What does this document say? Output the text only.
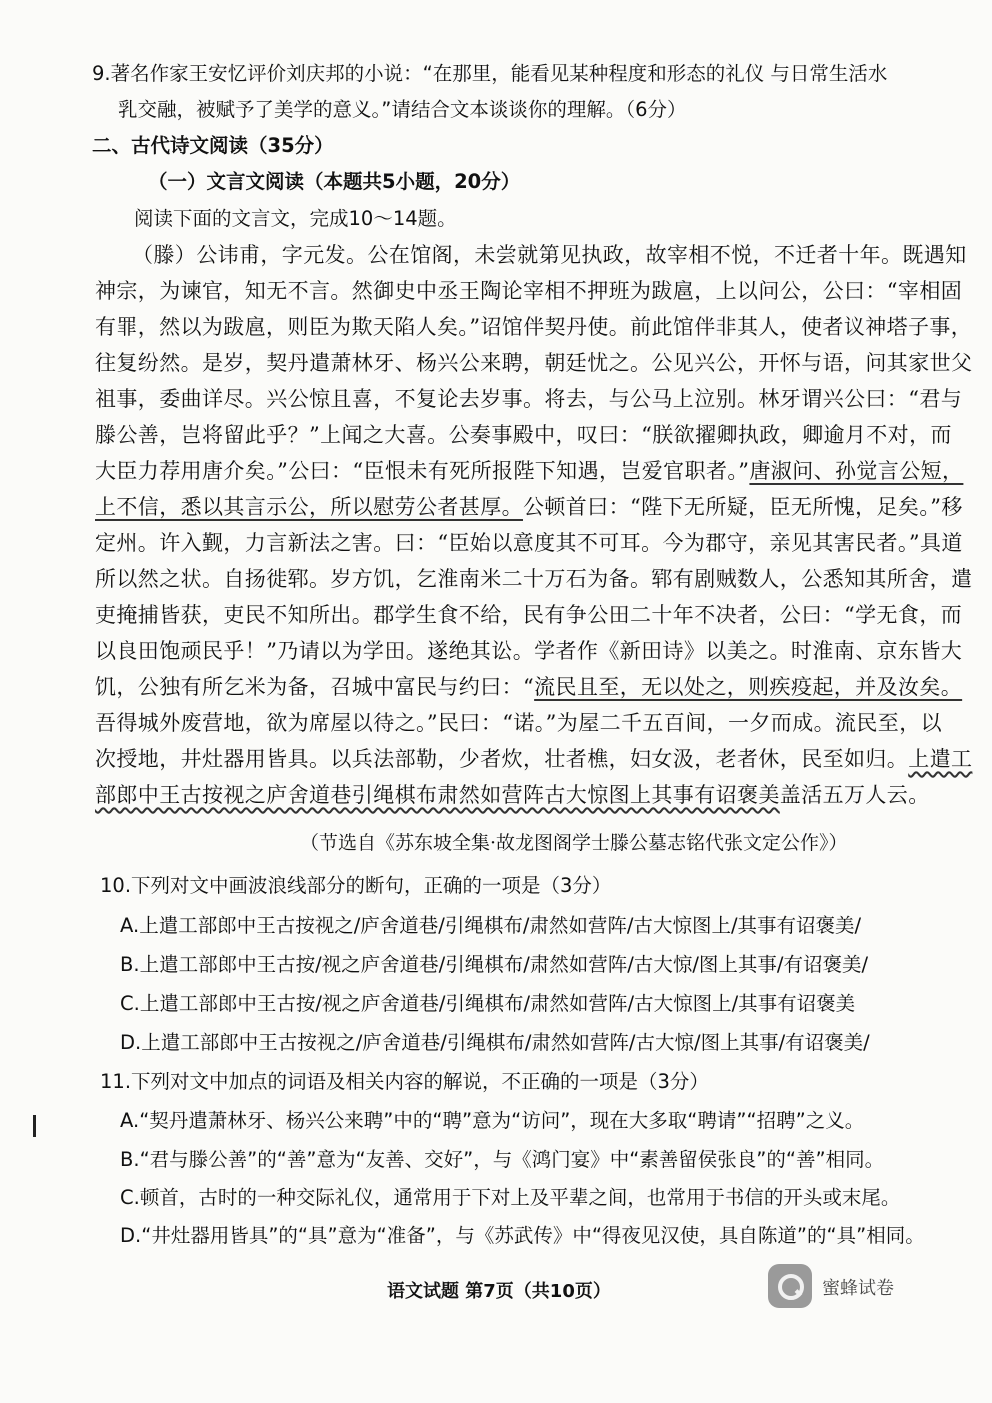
9.著名作家王安忆评价刘庆邦的小说：“在那里，能看见某种程度和形态的礼仪 与日常生活水
乳交融，被赋予了美学的意义。”请结合文本谈谈你的理解。（6分）
二、古代诗文阅读（35分）
（一）文言文阅读（本题共5小题，20分）
阅读下面的文言文，完成10～14题。
（滕）公讳甫，字元发。公在馆阁，未尝就第见执政，故宰相不悦，不迁者十年。既遇知
神宗，为谏官，知无不言。然御史中丞王陶论宰相不押班为跋扈，上以问公，公曰：“宰相固
有罪，然以为跋扈，则臣为欺天陷人矣。”诏馆伴契丹使。前此馆伴非其人，使者议神塔子事，
往复纷然。是岁，契丹遣萧林牙、杨兴公来聘，朝廷忧之。公见兴公，开怀与语，问其家世父
祖事，委曲详尽。兴公惊且喜，不复论去岁事。将去，与公马上泣别。林牙谓兴公曰：“君与
滕公善，岂将留此乎？”上闻之大喜。公奏事殿中，叹曰：“朕欲擢卿执政，卿逾月不对，而
大臣力荐用唐介矣。”公曰：“臣恨未有死所报陛下知遇，岂爱官职者。”唐淑问、孙觉言公短，
上不信，悉以其言示公，所以慰劳公者甚厚。公顿首曰：“陛下无所疑，臣无所愧，足矣。”移
定州。许入觐，力言新法之害。曰：“臣始以意度其不可耳。今为郡守，亲见其害民者。”具道
所以然之状。自扬徙郓。岁方饥，乞淮南米二十万石为备。郓有剧贼数人，公悉知其所舍，遣
吏掩捕皆获，吏民不知所出。郡学生食不给，民有争公田二十年不决者，公曰：“学无食，而
以良田饱顽民乎！”乃请以为学田。遂绝其讼。学者作《新田诗》以美之。时淮南、京东皆大
饥，公独有所乞米为备，召城中富民与约曰：“流民且至，无以处之，则疾疫起，并及汝矣。
吾得城外废营地，欲为席屋以待之。”民曰：“诺。”为屋二千五百间，一夕而成。流民至，以
次授地，井灶器用皆具。以兵法部勒，少者炊，壮者樵，妇女汲，老者休，民至如归。上遣工
部郎中王古按视之庐舍道巷引绳棋布肃然如营阵古大惊图上其事有诏褒美盖活五万人云。
（节选自《苏东坡全集·故龙图阁学士滕公墓志铭代张文定公作》）
10.下列对文中画波浪线部分的断句，正确的一项是（3分）
A.上遣工部郎中王古按视之/庐舍道巷/引绳棋布/肃然如营阵/古大惊图上/其事有诏褒美/
B.上遣工部郎中王古按/视之庐舍道巷/引绳棋布/肃然如营阵/古大惊/图上其事/有诏褒美/
C.上遣工部郎中王古按/视之庐舍道巷/引绳棋布/肃然如营阵/古大惊图上/其事有诏褒美
D.上遣工部郎中王古按视之/庐舍道巷/引绳棋布/肃然如营阵/古大惊/图上其事/有诏褒美/
11.下列对文中加点的词语及相关内容的解说，不正确的一项是（3分）
A.“契丹遣萧林牙、杨兴公来聘”中的“聘”意为“访问”，现在大多取“聘请”“招聘”之义。
B.“君与滕公善”的“善”意为“友善、交好”，与《鸿门宴》中“素善留侯张良”的“善”相同。
C.顿首，古时的一种交际礼仪，通常用于下对上及平辈之间，也常用于书信的开头或末尾。
D.“井灶器用皆具”的“具”意为“准备”，与《苏武传》中“得夜见汉使，具自陈道”的“具”相同。
语文试题 第7页（共10页）	蜜蜂试卷
